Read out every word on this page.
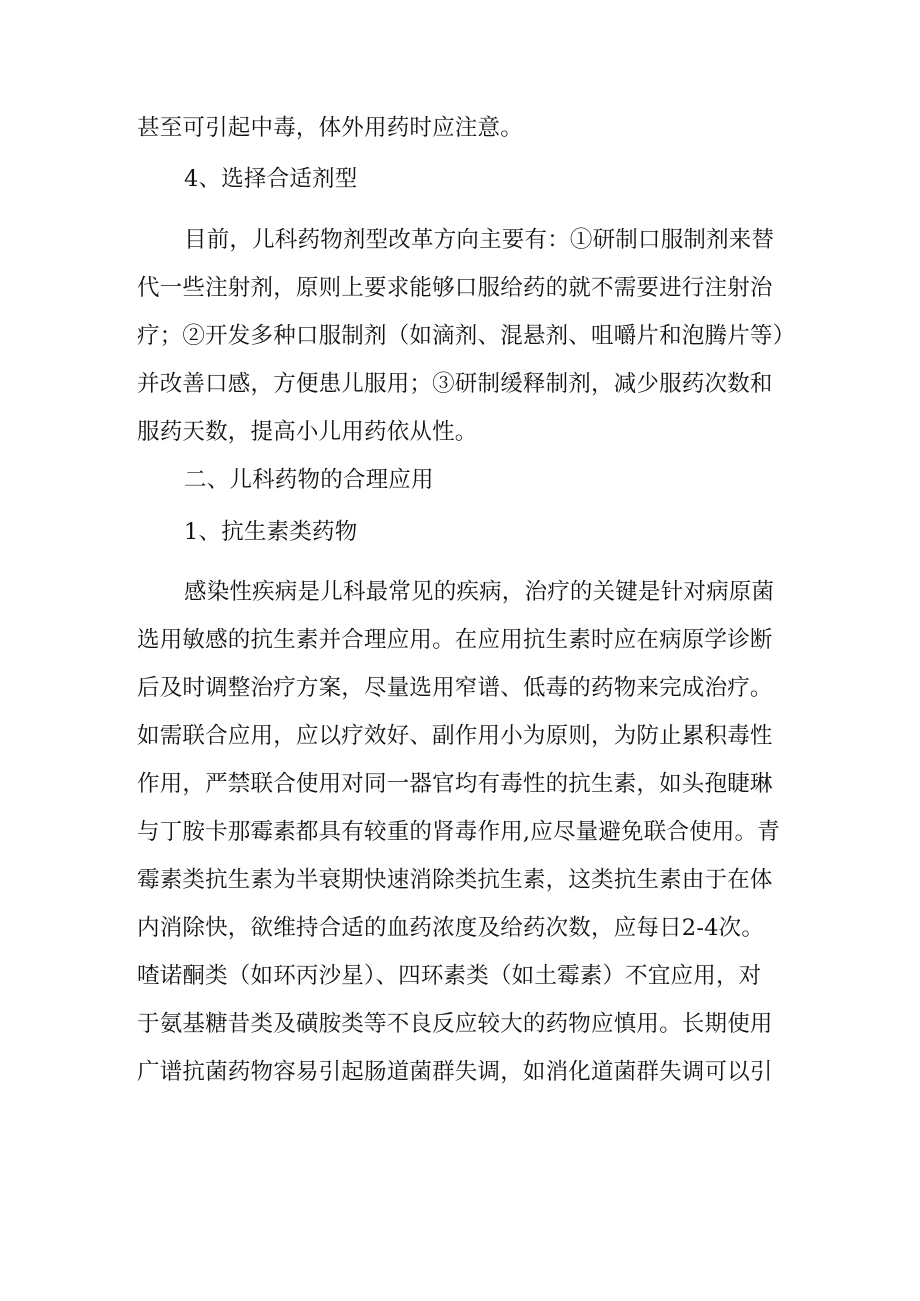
甚至可引起中毒，体外用药时应注意。
4、选择合适剂型
目前，儿科药物剂型改革方向主要有：①研制口服制剂来替
代一些注射剂，原则上要求能够口服给药的就不需要进行注射治
疗；②开发多种口服制剂（如滴剂、混悬剂、咀嚼片和泡腾片等）
并改善口感，方便患儿服用；③研制缓释制剂，减少服药次数和
服药天数，提高小儿用药依从性。
二、儿科药物的合理应用
1、抗生素类药物
感染性疾病是儿科最常见的疾病，治疗的关键是针对病原菌
选用敏感的抗生素并合理应用。在应用抗生素时应在病原学诊断
后及时调整治疗方案，尽量选用窄谱、低毒的药物来完成治疗。
如需联合应用，应以疗效好、副作用小为原则，为防止累积毒性
作用，严禁联合使用对同一器官均有毒性的抗生素，如头孢睫琳
与丁胺卡那霉素都具有较重的肾毒作用,应尽量避免联合使用。青
霉素类抗生素为半衰期快速消除类抗生素，这类抗生素由于在体
内消除快，欲维持合适的血药浓度及给药次数，应每日2-4次。
喳诺酮类（如环丙沙星）、四环素类（如土霉素）不宜应用，对
于氨基糖昔类及磺胺类等不良反应较大的药物应慎用。长期使用
广谱抗菌药物容易引起肠道菌群失调，如消化道菌群失调可以引
